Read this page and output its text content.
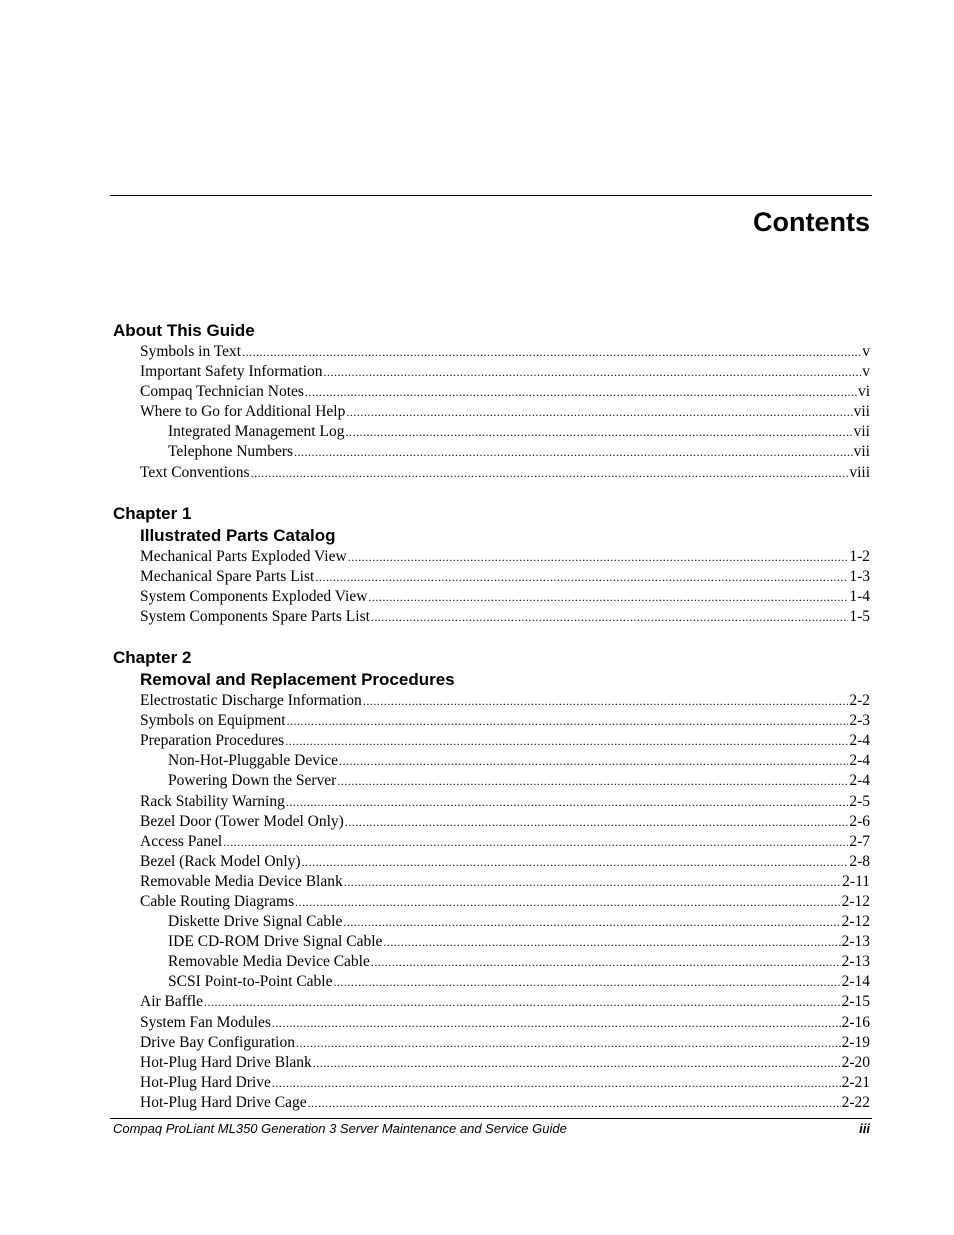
Contents
About This Guide
Symbols in Text .....	v
Important Safety Information .....	v
Compaq Technician Notes .....	vi
Where to Go for Additional Help .....	vii
Integrated Management Log .....	vii
Telephone Numbers .....	vii
Text Conventions .....	viii
Chapter 1
Illustrated Parts Catalog
Mechanical Parts Exploded View .....	1-2
Mechanical Spare Parts List .....	1-3
System Components Exploded View .....	1-4
System Components Spare Parts List .....	1-5
Chapter 2
Removal and Replacement Procedures
Electrostatic Discharge Information .....	2-2
Symbols on Equipment .....	2-3
Preparation Procedures .....	2-4
Non-Hot-Pluggable Device .....	2-4
Powering Down the Server .....	2-4
Rack Stability Warning .....	2-5
Bezel Door (Tower Model Only) .....	2-6
Access Panel .....	2-7
Bezel (Rack Model Only) .....	2-8
Removable Media Device Blank .....	2-11
Cable Routing Diagrams .....	2-12
Diskette Drive Signal Cable .....	2-12
IDE CD-ROM Drive Signal Cable .....	2-13
Removable Media Device Cable .....	2-13
SCSI Point-to-Point Cable .....	2-14
Air Baffle .....	2-15
System Fan Modules .....	2-16
Drive Bay Configuration .....	2-19
Hot-Plug Hard Drive Blank .....	2-20
Hot-Plug Hard Drive .....	2-21
Hot-Plug Hard Drive Cage .....	2-22
Compaq ProLiant ML350 Generation 3 Server Maintenance and Service Guide	iii
